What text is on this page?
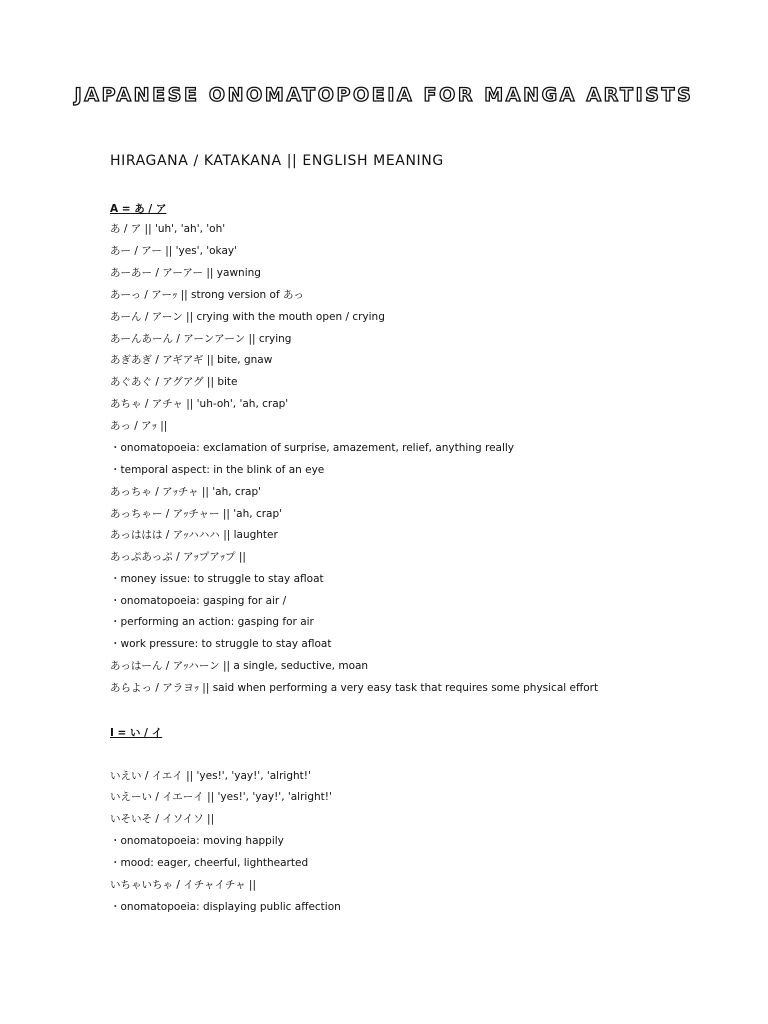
JAPANESE ONOMATOPOEIA FOR MANGA ARTISTS
HIRAGANA / KATAKANA || ENGLISH MEANING
A = あ / ア
あ / ア || 'uh', 'ah', 'oh'
あー / アー || 'yes', 'okay'
あーあー / アーアー || yawning
あーっ / アーｯ || strong version of あっ
あーん / アーン || crying with the mouth open / crying
あーんあーん / アーンアーン || crying
あぎあぎ / アギアギ || bite, gnaw
あぐあぐ / アグアグ || bite
あちゃ / アチャ || 'uh-oh', 'ah, crap'
あっ / アｯ ||
・onomatopoeia: exclamation of surprise, amazement, relief, anything really
・temporal aspect: in the blink of an eye
あっちゃ / アｯチャ || 'ah, crap'
あっちゃー / アｯチャー || 'ah, crap'
あっははは / アｯハハハ || laughter
あっぷあっぷ / アｯプアｯプ ||
・money issue: to struggle to stay afloat
・onomatopoeia: gasping for air /
・performing an action: gasping for air
・work pressure: to struggle to stay afloat
あっはーん / アｯハーン || a single, seductive, moan
あらよっ / アラヨｯ || said when performing a very easy task that requires some physical effort
I = い / イ
いえい / イエイ || 'yes!', 'yay!', 'alright!'
いえーい / イエーイ || 'yes!', 'yay!', 'alright!'
いそいそ / イソイソ ||
・onomatopoeia: moving happily
・mood: eager, cheerful, lighthearted
いちゃいちゃ / イチャイチャ ||
・onomatopoeia: displaying public affection
